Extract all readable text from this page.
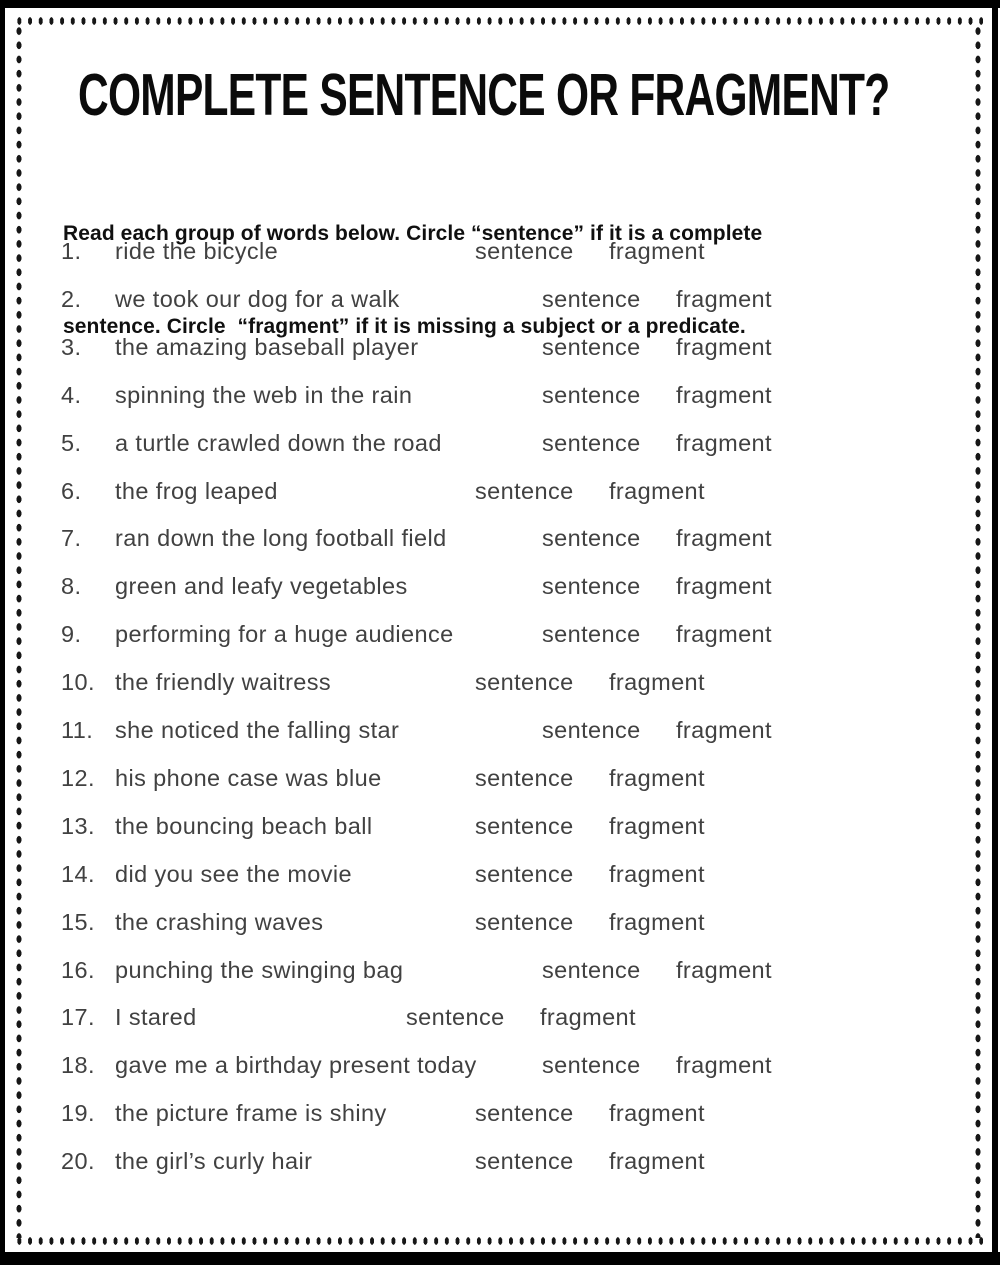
COMPLETE SENTENCE OR FRAGMENT?

Read each group of words below. Circle “sentence” if it is a complete

sentence. Circle  “fragment” if it is missing a subject or a predicate.

1. ride the bicycle	sentence fragment
2. we took our dog for a walk	sentence fragment
3. the amazing baseball player	sentence fragment
4. spinning the web in the rain	sentence fragment
5. a turtle crawled down the road	sentence fragment
6. the frog leaped	sentence fragment
7. ran down the long football field	sentence fragment
8. green and leafy vegetables	sentence fragment
9. performing for a huge audience	sentence fragment
10. the friendly waitress	sentence fragment
11. she noticed the falling star	sentence fragment
12. his phone case was blue	sentence fragment
13. the bouncing beach ball	sentence fragment
14. did you see the movie	sentence fragment
15. the crashing waves	sentence fragment
16. punching the swinging bag	sentence fragment
17. I stared	sentence fragment
18. gave me a birthday present today	sentence fragment
19. the picture frame is shiny	sentence fragment
20. the girl’s curly hair	sentence fragment
